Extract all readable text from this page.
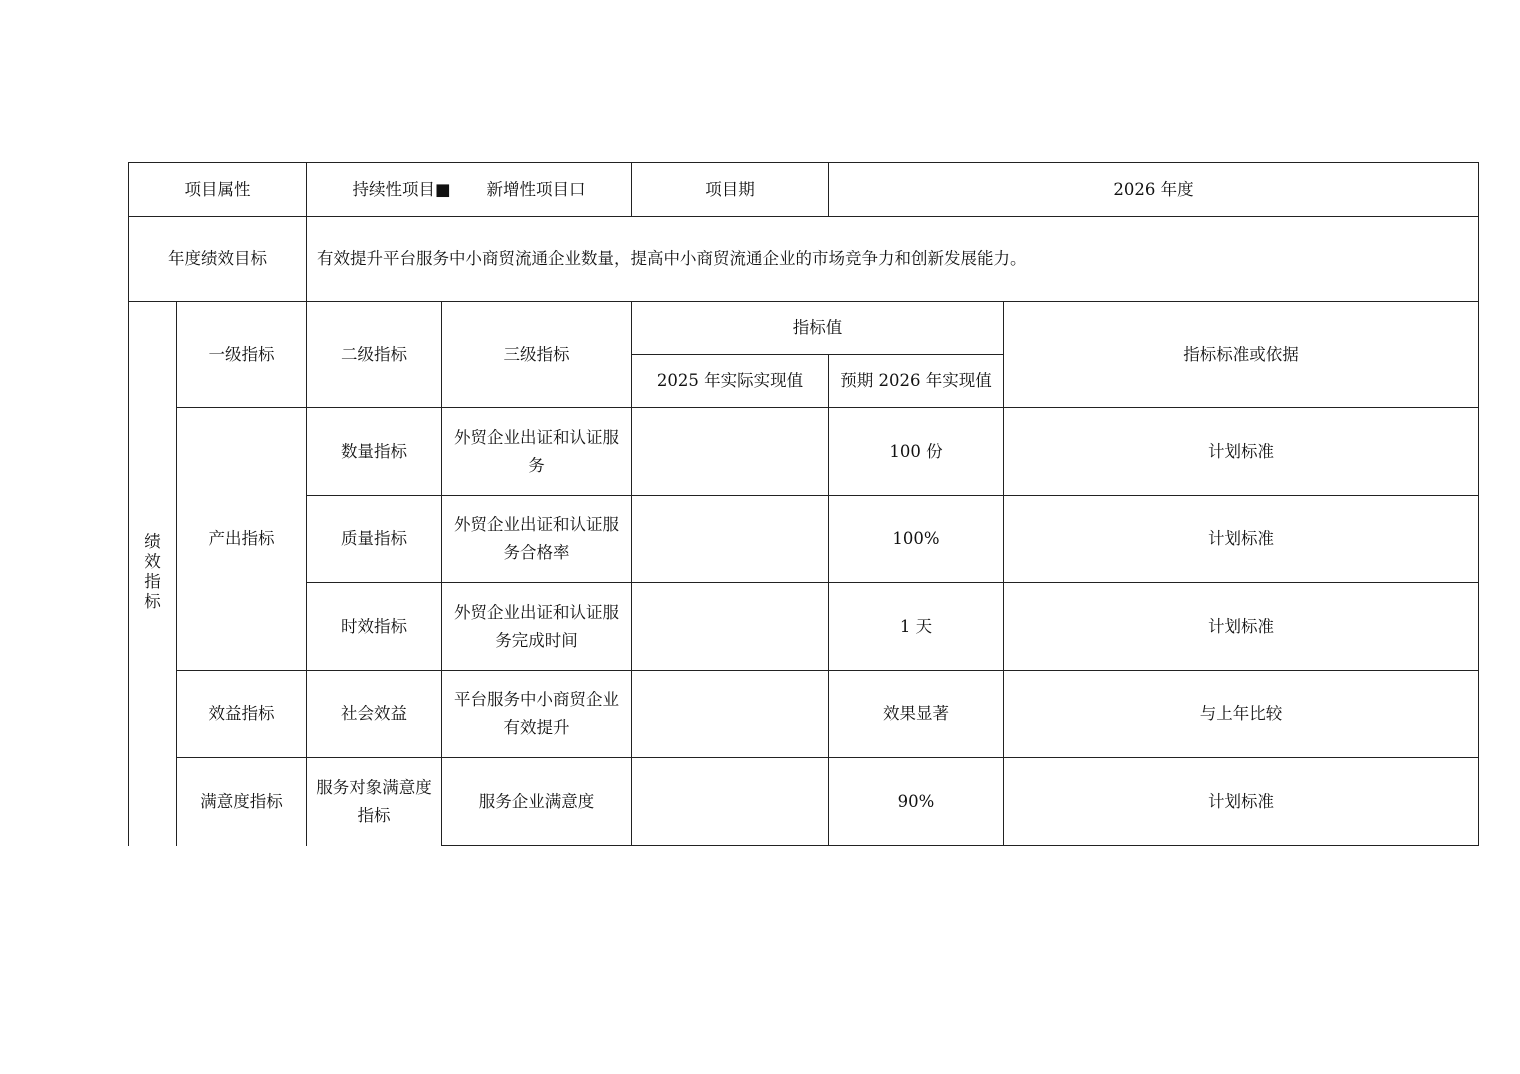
项目属性		持续性项目■ 新增性项目口		项目期	2026 年度	
年度绩效目标		有效提升平台服务中小商贸流通企业数量，提高中小商贸流通企业的市场竞争力和创新发展能力。				
绩效指标	一级指标	二级指标	三级指标	指标值		指标标准或依据
				2025 年实际实现值	预期 2026 年实现值	
	产出指标	数量指标	外贸企业出证和认证服务		100 份	计划标准
		质量指标	外贸企业出证和认证服务合格率		100%	计划标准
		时效指标	外贸企业出证和认证服务完成时间		1 天	计划标准
	效益指标	社会效益	平台服务中小商贸企业有效提升		效果显著	与上年比较
	满意度指标	服务对象满意度指标	服务企业满意度		90%	计划标准
